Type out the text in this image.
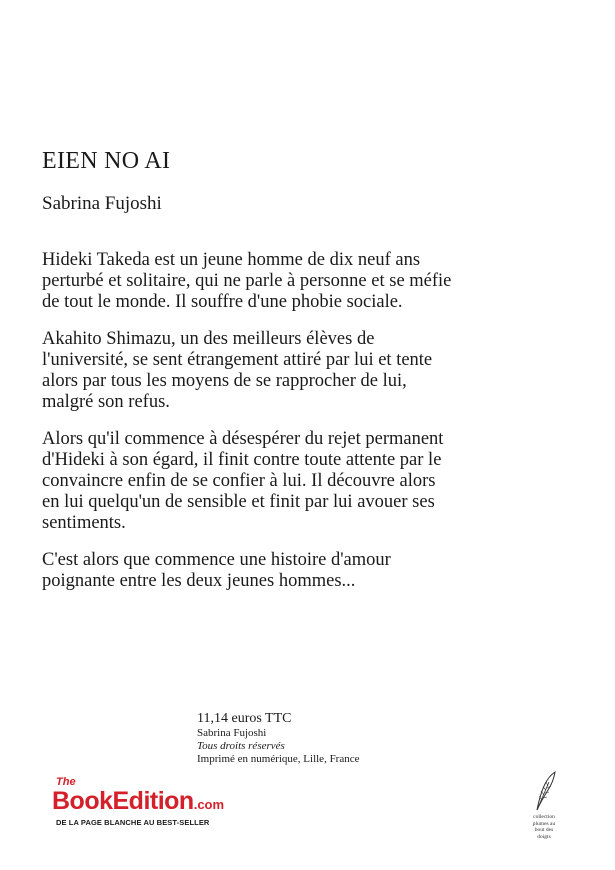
EIEN NO AI

Sabrina Fujoshi

Hideki Takeda est un jeune homme de dix neuf ans perturbé et solitaire, qui ne parle à personne et se méfie de tout le monde. Il souffre d'une phobie sociale.

Akahito Shimazu, un des meilleurs élèves de l'université, se sent étrangement attiré par lui et tente alors par tous les moyens de se rapprocher de lui, malgré son refus.

Alors qu'il commence à désespérer du rejet permanent d'Hideki à son égard, il finit contre toute attente par le convaincre enfin de se confier à lui. Il découvre alors en lui quelqu'un de sensible et finit par lui avouer ses sentiments.

C'est alors que commence une histoire d'amour poignante entre les deux jeunes hommes...

11,14 euros TTC
Sabrina Fujoshi
Tous droits réservés
Imprimé en numérique, Lille, France
The
BookEdition.com
DE LA PAGE BLANCHE AU BEST-SELLER
collection
plumes au
bout des
doigts
